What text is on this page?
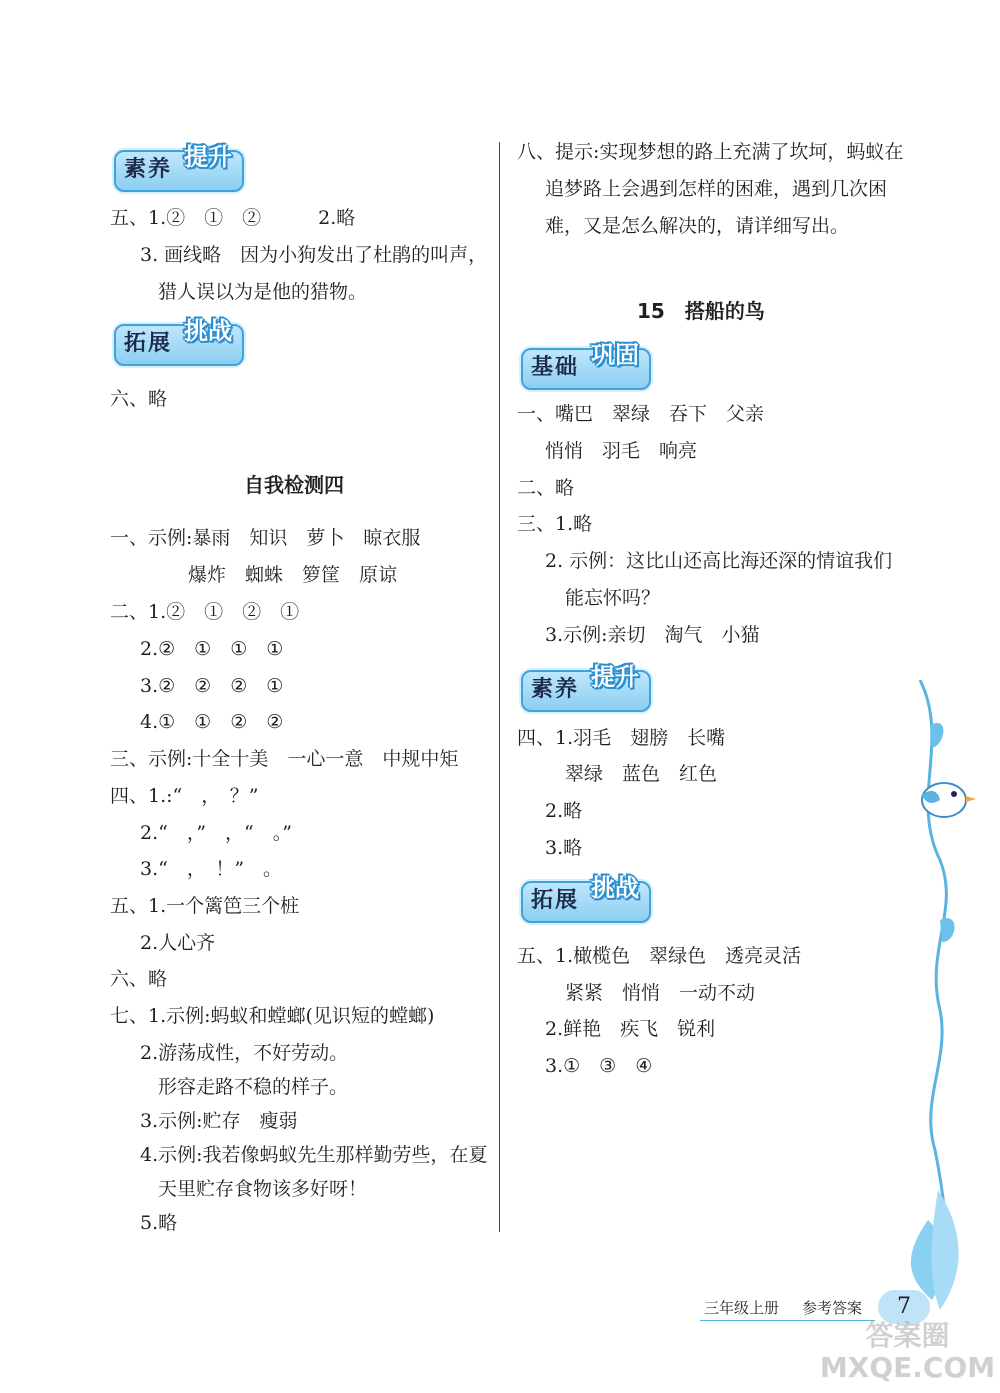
素养 提升
五、1.②　①　②　　　2.略
3. 画线略　因为小狗发出了杜鹃的叫声，
猎人误以为是他的猎物。
拓展 挑战
六、略
自我检测四
一、示例:暴雨　知识　萝卜　晾衣服
爆炸　蜘蛛　箩筐　原谅
二、1.②　①　②　①
2.②　①　①　①
3.②　②　②　①
4.①　①　②　②
三、示例:十全十美　一心一意　中规中矩
四、1.:“　，　？”
2.“　，”　，“　。”
3.“　，　！”　。
五、1.一个篱笆三个桩
2.人心齐
六、略
七、1.示例:蚂蚁和螳螂(见识短的螳螂)
2.游荡成性，不好劳动。
形容走路不稳的样子。
3.示例:贮存　瘦弱
4.示例:我若像蚂蚁先生那样勤劳些，在夏
天里贮存食物该多好呀！
5.略
八、提示:实现梦想的路上充满了坎坷，蚂蚁在
追梦路上会遇到怎样的困难，遇到几次困
难，又是怎么解决的，请详细写出。
15　搭船的鸟
基础 巩固
一、嘴巴　翠绿　吞下　父亲
悄悄　羽毛　响亮
二、略
三、1.略
2. 示例：这比山还高比海还深的情谊我们
能忘怀吗？
3.示例:亲切　淘气　小猫
素养 提升
四、1.羽毛　翅膀　长嘴
翠绿　蓝色　红色
2.略
3.略
拓展 挑战
五、1.橄榄色　翠绿色　透亮灵活
紧紧　悄悄　一动不动
2.鲜艳　疾飞　锐利
3.①　③　④
三年级上册 参考答案	7
答案圈 MXQE.COM
